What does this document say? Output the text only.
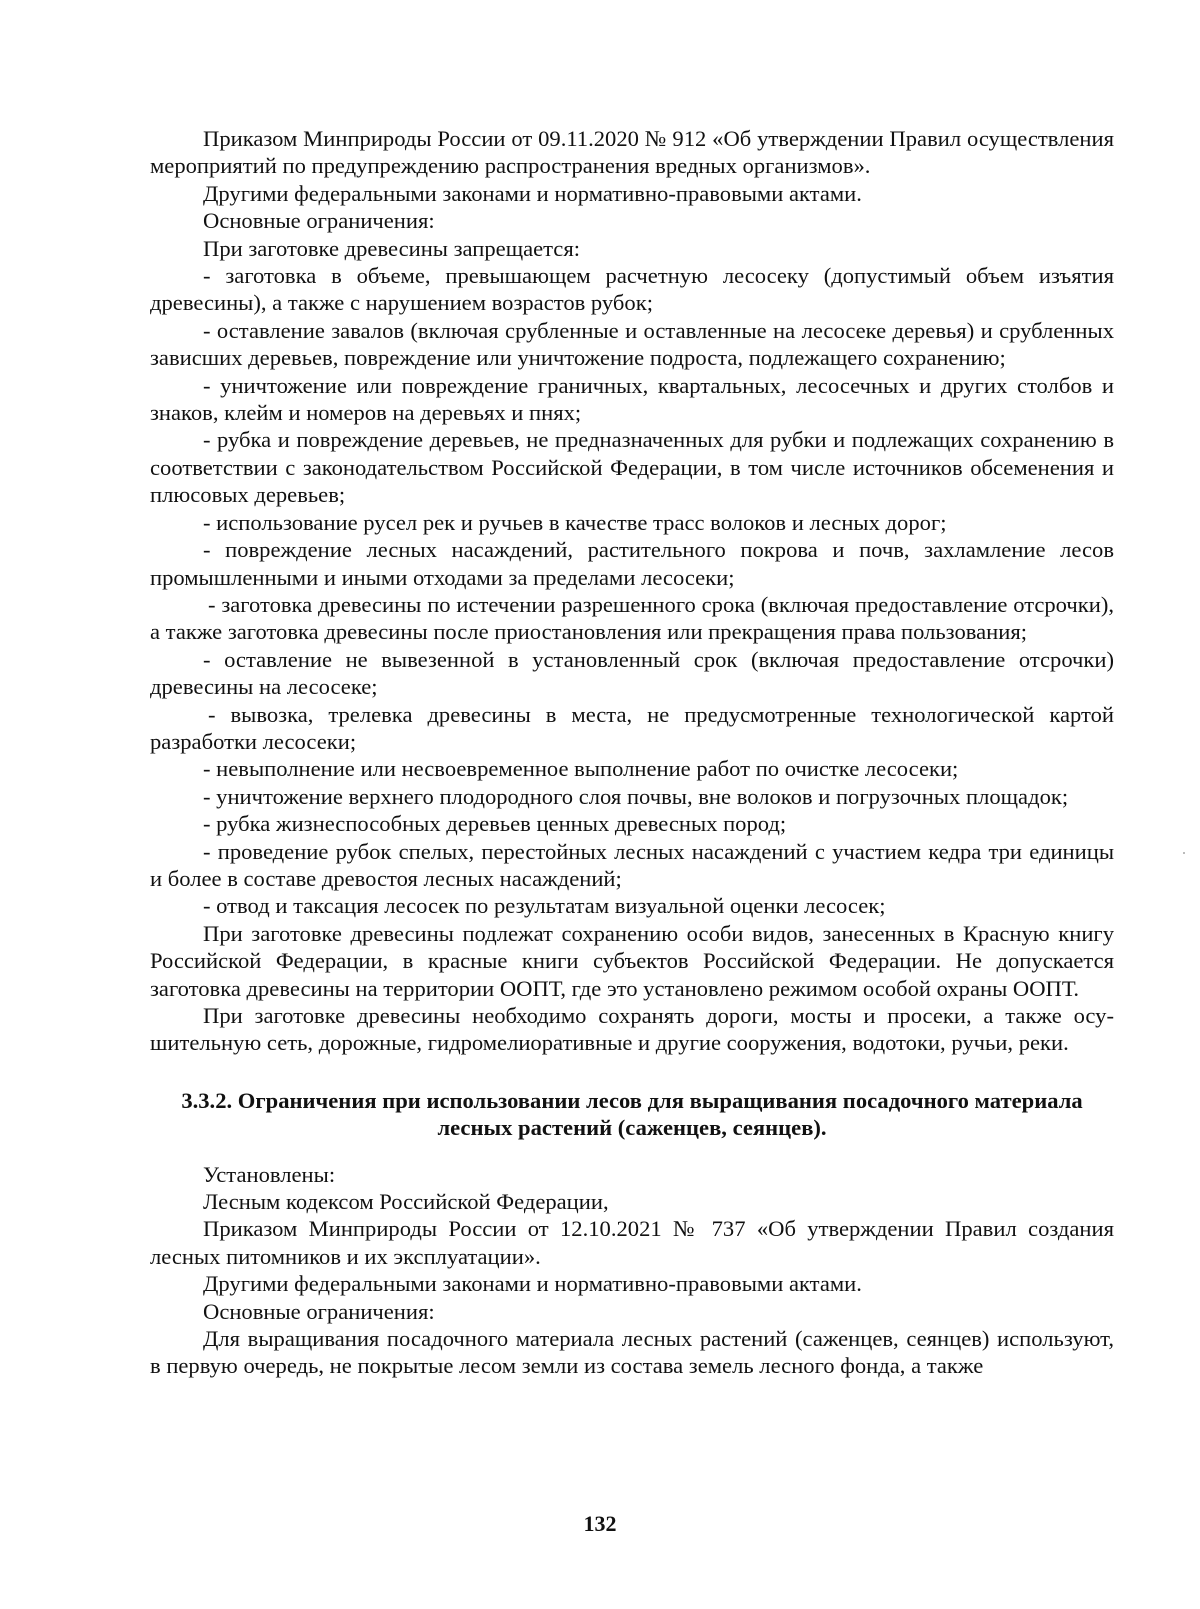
Приказом Минприроды России от 09.11.2020 № 912 «Об утверждении Правил осуществления мероприятий по предупреждению распространения вредных организмов».

Другими федеральными законами и нормативно-правовыми актами.

Основные ограничения:

При заготовке древесины запрещается:

- заготовка в объеме, превышающем расчетную лесосеку (допустимый объем изъятия древесины), а также с нарушением возрастов рубок;

- оставление завалов (включая срубленные и оставленные на лесосеке деревья) и срубленных зависших деревьев, повреждение или уничтожение подроста, подлежащего сохранению;

- уничтожение или повреждение граничных, квартальных, лесосечных и других столбов и знаков, клейм и номеров на деревьях и пнях;

- рубка и повреждение деревьев, не предназначенных для рубки и подлежащих сохранению в соответствии с законодательством Российской Федерации, в том числе источников обсеменения и плюсовых деревьев;

- использование русел рек и ручьев в качестве трасс волоков и лесных дорог;

- повреждение лесных насаждений, растительного покрова и почв, захламление лесов промышленными и иными отходами за пределами лесосеки;

- заготовка древесины по истечении разрешенного срока (включая предоставление отсрочки), а также заготовка древесины после приостановления или прекращения права пользования;

- оставление не вывезенной в установленный срок (включая предоставление отсрочки) древесины на лесосеке;

- вывозка, трелевка древесины в места, не предусмотренные технологической картой разработки лесосеки;

- невыполнение или несвоевременное выполнение работ по очистке лесосеки;

- уничтожение верхнего плодородного слоя почвы, вне волоков и погрузочных площадок;

- рубка жизнеспособных деревьев ценных древесных пород;

- проведение рубок спелых, перестойных лесных насаждений с участием кедра три единицы и более в составе древостоя лесных насаждений;

- отвод и таксация лесосек по результатам визуальной оценки лесосек;

При заготовке древесины подлежат сохранению особи видов, занесенных в Красную книгу Российской Федерации, в красные книги субъектов Российской Федерации. Не допускается заготовка древесины на территории ООПТ, где это установлено режимом особой охраны ООПТ.

При заготовке древесины необходимо сохранять дороги, мосты и просеки, а также осушительную сеть, дорожные, гидромелиоративные и другие сооружения, водотоки, ручьи, реки.

3.3.2. Ограничения при использовании лесов для выращивания посадочного материала лесных растений (саженцев, сеянцев).

Установлены:

Лесным кодексом Российской Федерации,

Приказом Минприроды России от 12.10.2021 № 737 «Об утверждении Правил создания лесных питомников и их эксплуатации».

Другими федеральными законами и нормативно-правовыми актами.

Основные ограничения:

Для выращивания посадочного материала лесных растений (саженцев, сеянцев) используют, в первую очередь, не покрытые лесом земли из состава земель лесного фонда, а также

132
